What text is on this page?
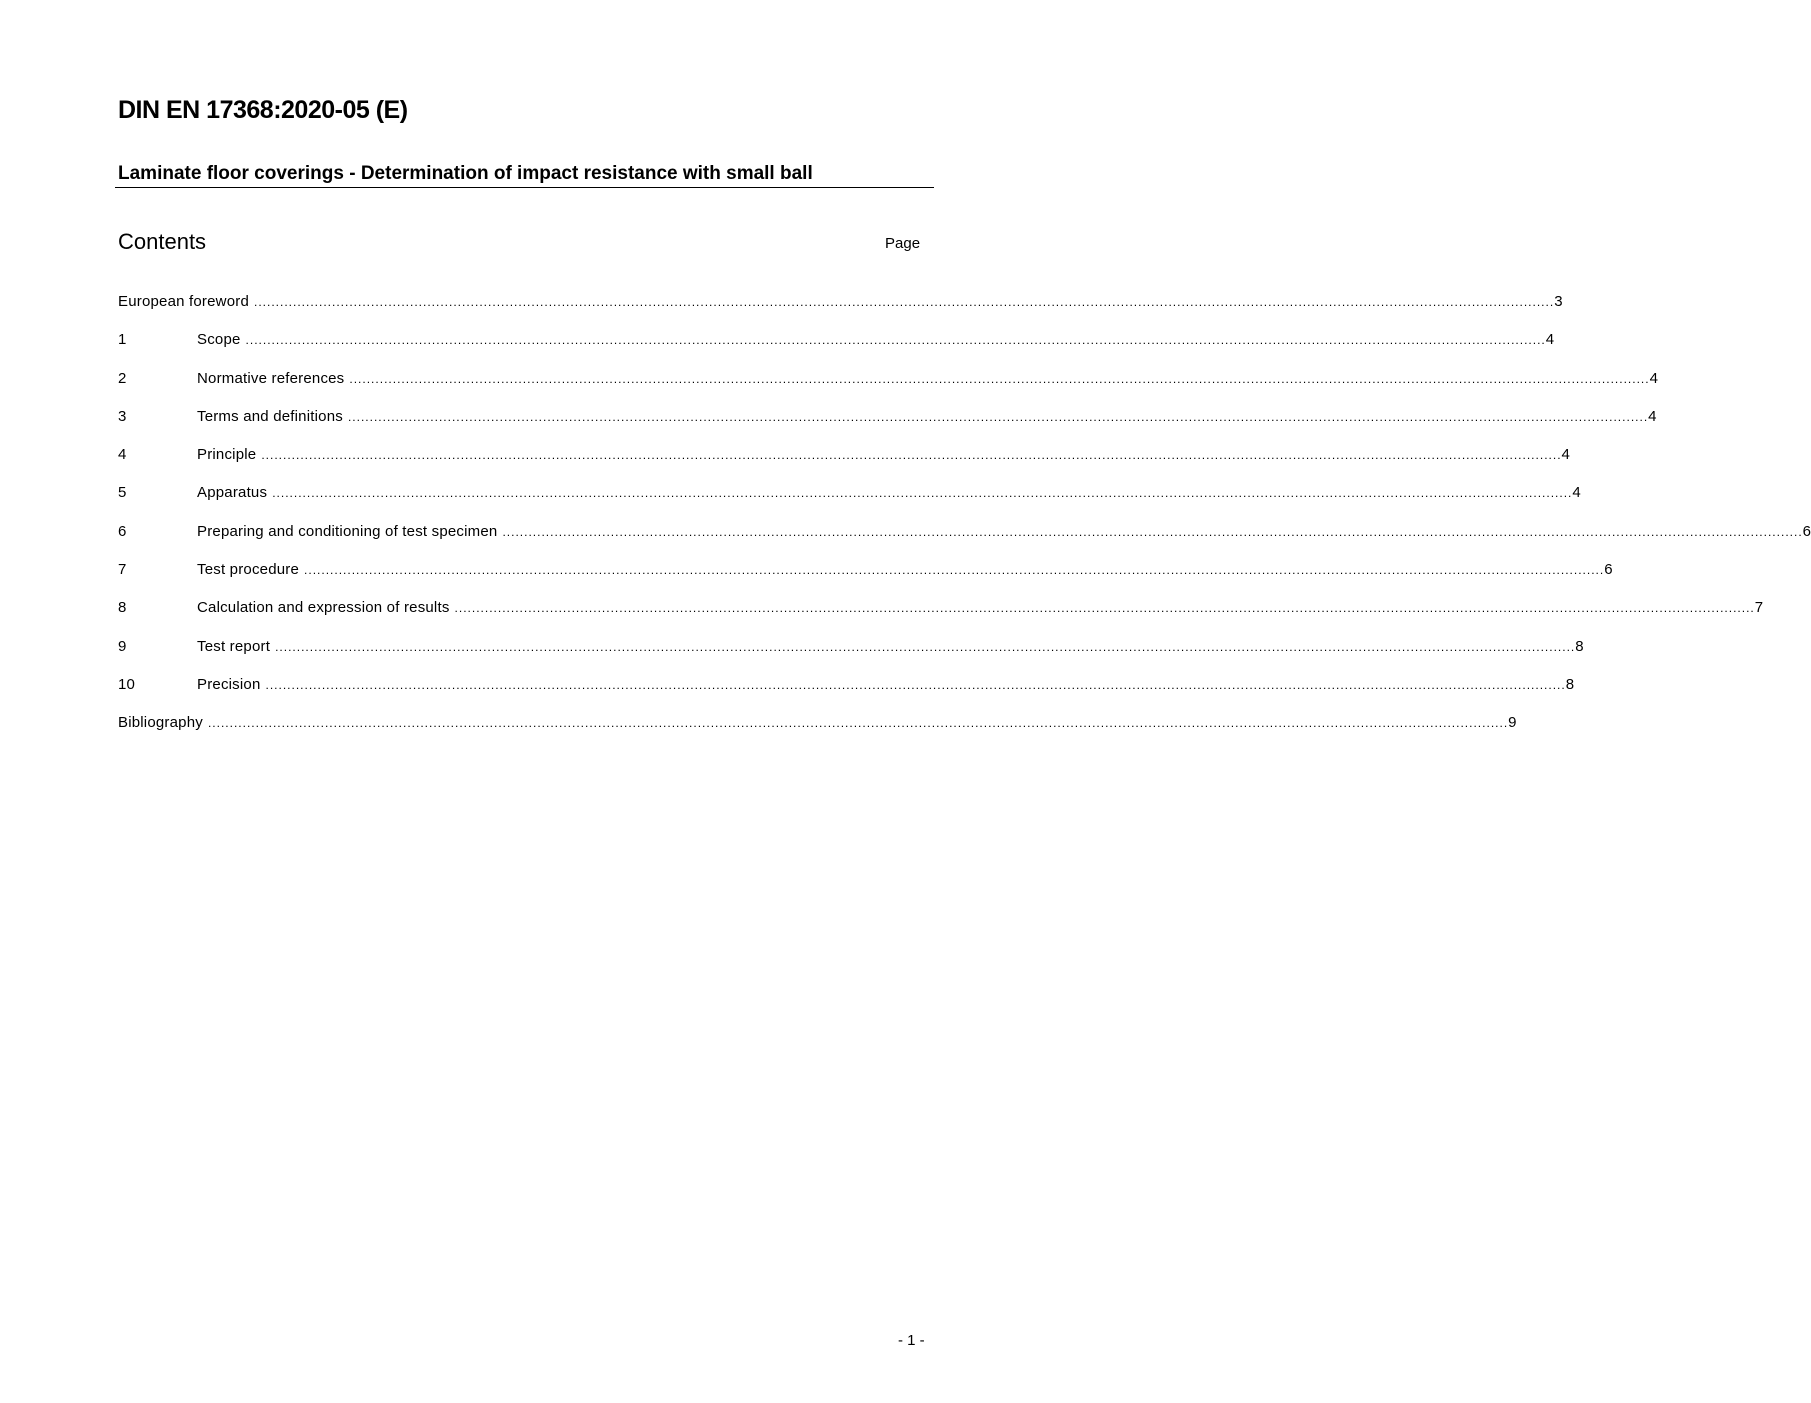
DIN EN 17368:2020-05 (E)
Laminate floor coverings - Determination of impact resistance with small ball
Contents	Page
European foreword ............................................................................................................................................................................................................................................................................................................ 3
1	Scope ............................................................................................................................................................................................................................................................................................................ 4
2	Normative references ............................................................................................................................................................................................................................................................................................................ 4
3	Terms and definitions ............................................................................................................................................................................................................................................................................................................ 4
4	Principle ............................................................................................................................................................................................................................................................................................................ 4
5	Apparatus ............................................................................................................................................................................................................................................................................................................ 4
6	Preparing and conditioning of test specimen ............................................................................................................................................................................................................................................................................................................ 6
7	Test procedure ............................................................................................................................................................................................................................................................................................................ 6
8	Calculation and expression of results ............................................................................................................................................................................................................................................................................................................ 7
9	Test report ............................................................................................................................................................................................................................................................................................................ 8
10	Precision ............................................................................................................................................................................................................................................................................................................ 8
Bibliography ............................................................................................................................................................................................................................................................................................................ 9
- 1 -
